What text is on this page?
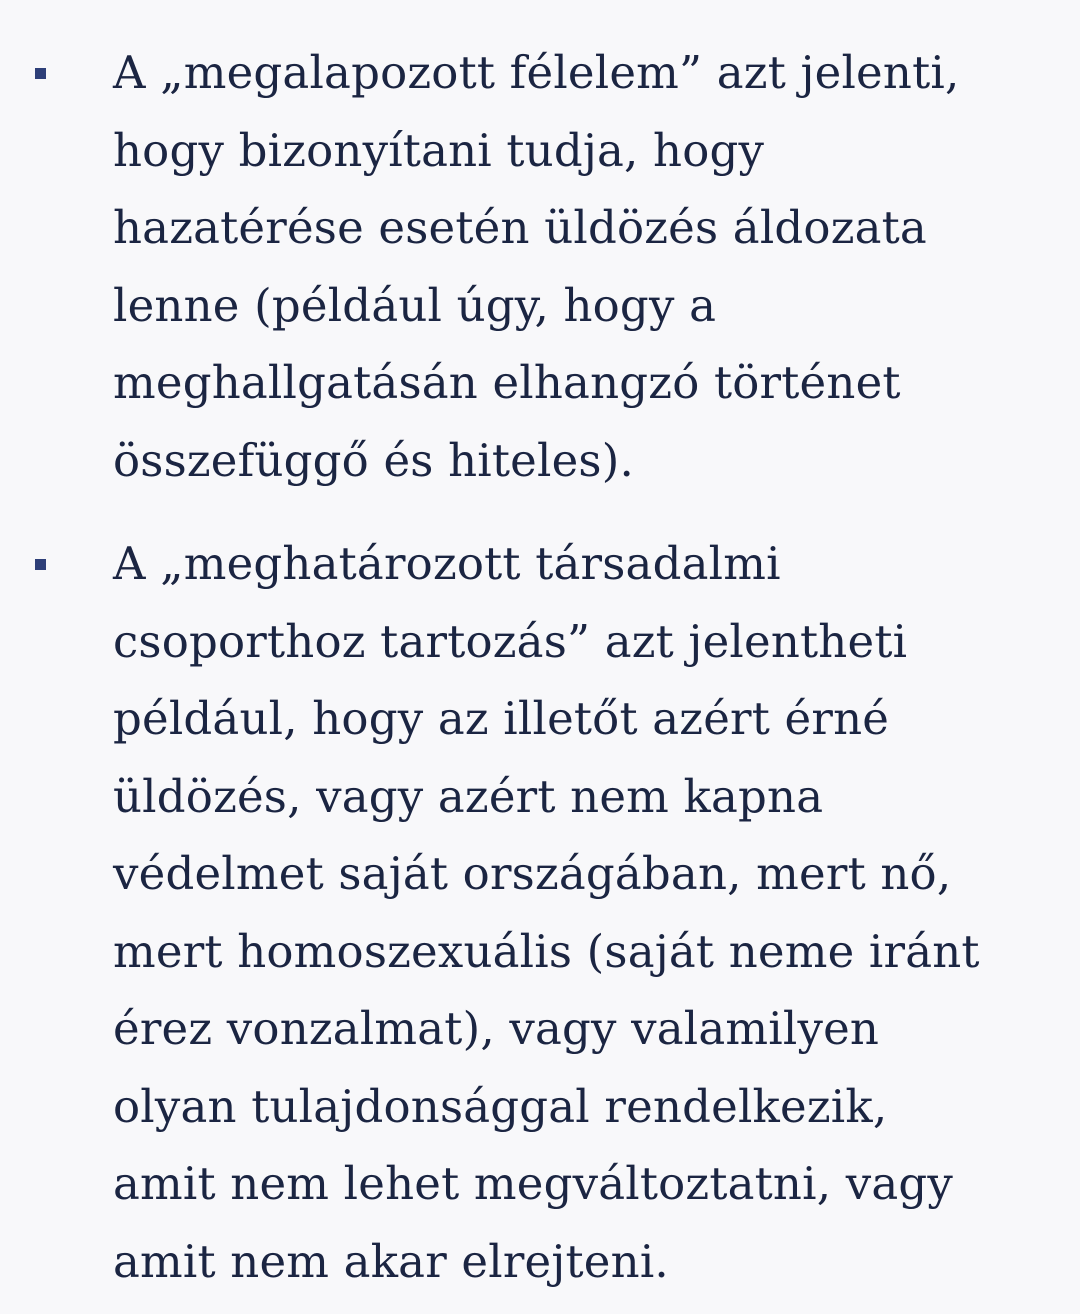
A „megalapozott félelem” azt jelenti,
hogy bizonyítani tudja, hogy
hazatérése esetén üldözés áldozata
lenne (például úgy, hogy a
meghallgatásán elhangzó történet
összefüggő és hiteles).
A „meghatározott társadalmi
csoporthoz tartozás” azt jelentheti
például, hogy az illetőt azért érné
üldözés, vagy azért nem kapna
védelmet saját országában, mert nő,
mert homoszexuális (saját neme iránt
érez vonzalmat), vagy valamilyen
olyan tulajdonsággal rendelkezik,
amit nem lehet megváltoztatni, vagy
amit nem akar elrejteni.
